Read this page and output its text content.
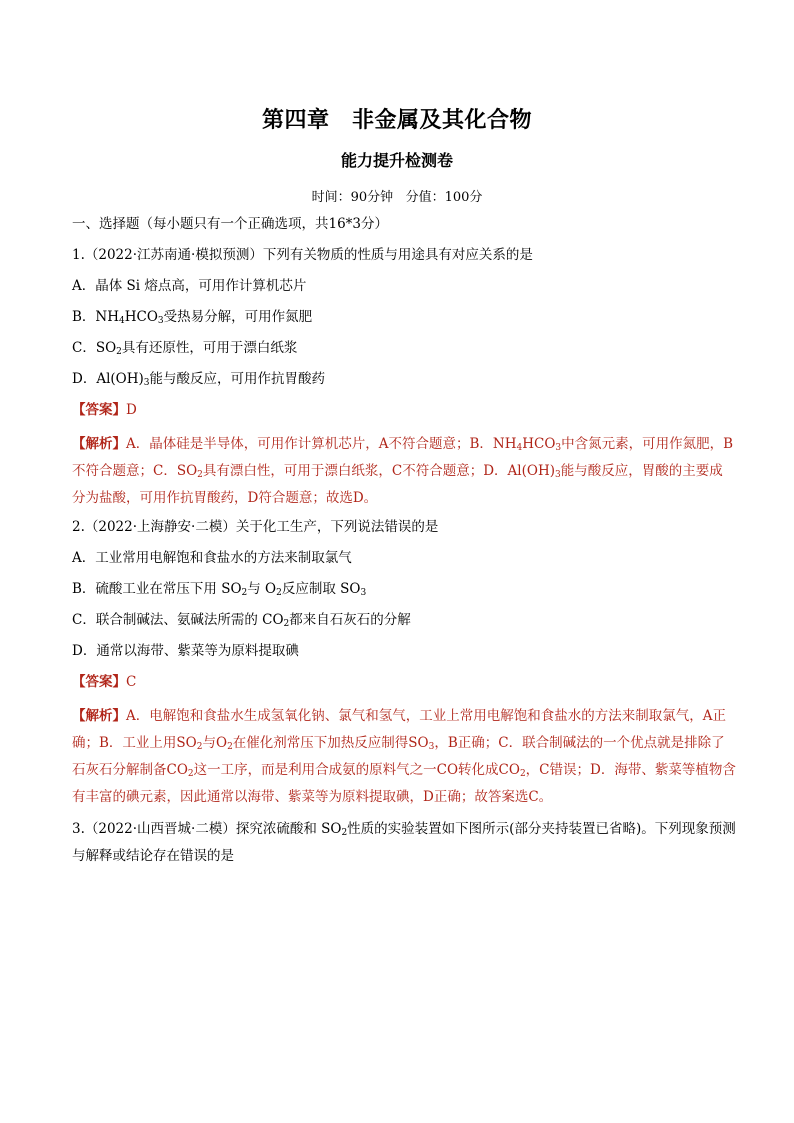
第四章　非金属及其化合物
能力提升检测卷
时间：90分钟 分值：100分

一、选择题（每小题只有一个正确选项，共16*3分）

1.（2022·江苏南通·模拟预测）下列有关物质的性质与用途具有对应关系的是

A．晶体 Si 熔点高，可用作计算机芯片

B．$NH_4HCO_3$受热易分解，可用作氮肥

C．$SO_2$具有还原性，可用于漂白纸浆

D．$Al(OH)_3$能与酸反应，可用作抗胃酸药

【答案】D

【解析】A．晶体硅是半导体，可用作计算机芯片，A不符合题意；B．$NH_4HCO_3$中含氮元素，可用作氮肥，B不符合题意；C．$SO_2$具有漂白性，可用于漂白纸浆，C不符合题意；D．$Al(OH)_3$能与酸反应，胃酸的主要成分为盐酸，可用作抗胃酸药，D符合题意；故选D。

2.（2022·上海静安·二模）关于化工生产，下列说法错误的是

A．工业常用电解饱和食盐水的方法来制取氯气

B．硫酸工业在常压下用 $SO_2$与 $O_2$反应制取 $SO_3$

C．联合制碱法、氨碱法所需的 $CO_2$都来自石灰石的分解

D．通常以海带、紫菜等为原料提取碘

【答案】C

【解析】A．电解饱和食盐水生成氢氧化钠、氯气和氢气，工业上常用电解饱和食盐水的方法来制取氯气，A正确；B．工业上用$SO_2$与$O_2$在催化剂常压下加热反应制得$SO_3$，B正确；C．联合制碱法的一个优点就是排除了石灰石分解制备$CO_2$这一工序，而是利用合成氨的原料气之一CO转化成$CO_2$，C错误；D．海带、紫菜等植物含有丰富的碘元素，因此通常以海带、紫菜等为原料提取碘，D正确；故答案选C。

3.（2022·山西晋城·二模）探究浓硫酸和 $SO_2$性质的实验装置如下图所示(部分夹持装置已省略)。下列现象预测与解释或结论存在错误的是
